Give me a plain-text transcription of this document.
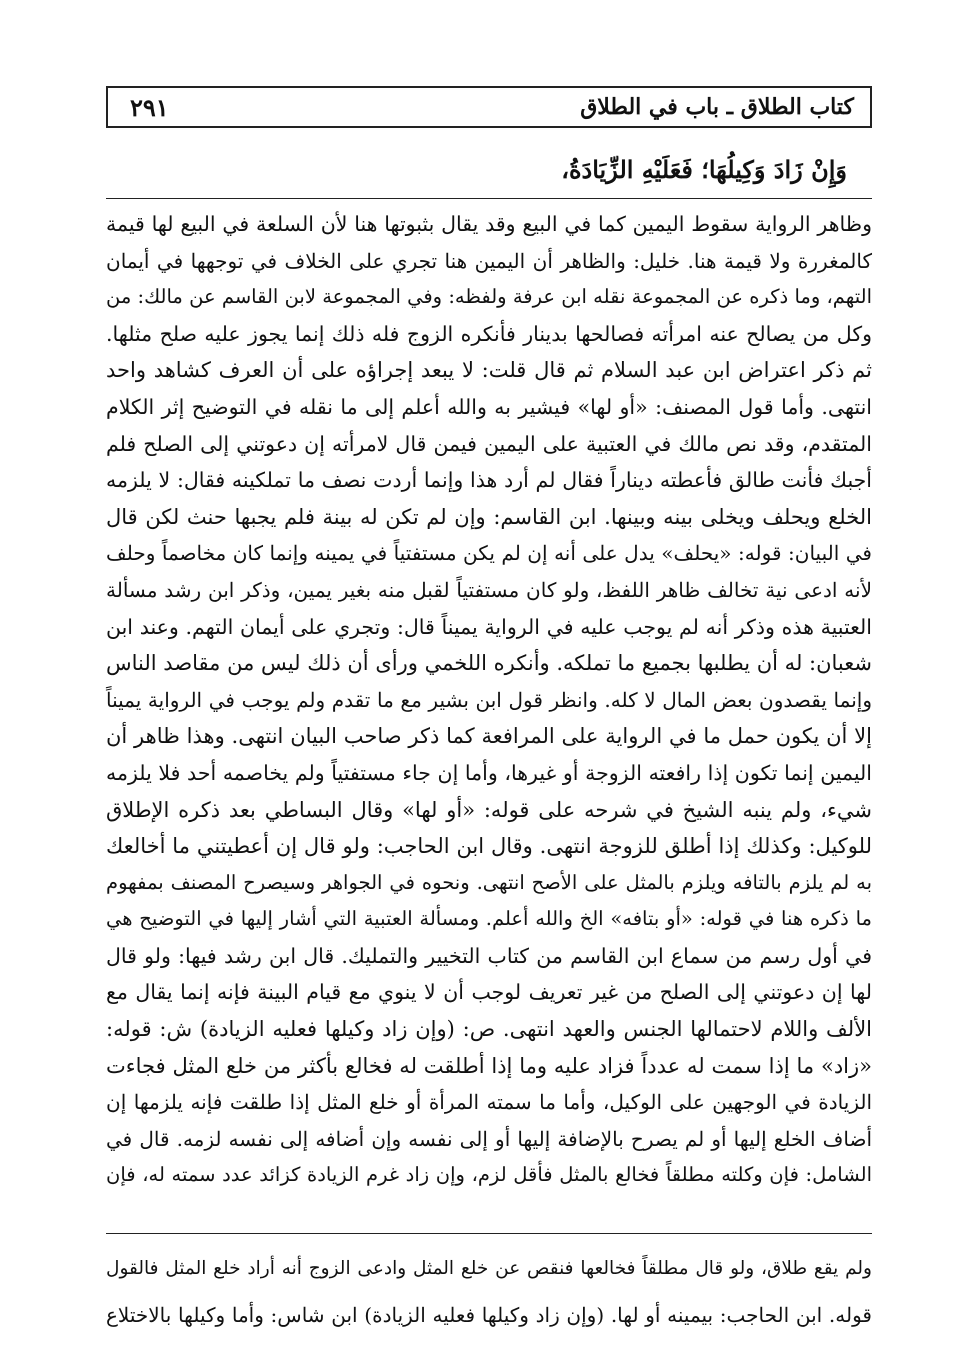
كتاب الطلاق ـ باب في الطلاق
٢٩١
وَإِنْ زَادَ وَكِيلُهَا؛ فَعَلَيْهِ الزِّيَادَةُ،
وظاهر الرواية سقوط اليمين كما في البيع وقد يقال بثبوتها هنا لأن السلعة في البيع لها قيمة
كالمغررة ولا قيمة هنا. خليل: والظاهر أن اليمين هنا تجري على الخلاف في توجهها في أيمان
التهم، وما ذكره عن المجموعة نقله ابن عرفة ولفظه: وفي المجموعة لابن القاسم عن مالك: من
وكل من يصالح عنه امرأته فصالحها بدينار فأنكره الزوج فله ذلك إنما يجوز عليه صلح مثلها.
ثم ذكر اعتراض ابن عبد السلام ثم قال قلت: لا يبعد إجراؤه على أن العرف كشاهد واحد
انتهى. وأما قول المصنف: «أو لها» فيشير به والله أعلم إلى ما نقله في التوضيح إثر الكلام
المتقدم، وقد نص مالك في العتبية على اليمين فيمن قال لامرأته إن دعوتني إلى الصلح فلم
أجبك فأنت طالق فأعطته ديناراً فقال لم أرد هذا وإنما أردت نصف ما تملكينه فقال: لا يلزمه
الخلع ويحلف ويخلى بينه وبينها. ابن القاسم: وإن لم تكن له بينة فلم يجبها حنث لكن قال
في البيان: قوله: «يحلف» يدل على أنه إن لم يكن مستفتياً في يمينه وإنما كان مخاصماً وحلف
لأنه ادعى نية تخالف ظاهر اللفظ، ولو كان مستفتياً لقبل منه بغير يمين، وذكر ابن رشد مسألة
العتبية هذه وذكر أنه لم يوجب عليه في الرواية يميناً قال: وتجري على أيمان التهم. وعند ابن
شعبان: له أن يطلبها بجميع ما تملكه. وأنكره اللخمي ورأى أن ذلك ليس من مقاصد الناس
وإنما يقصدون بعض المال لا كله. وانظر قول ابن بشير مع ما تقدم ولم يوجب في الرواية يميناً
إلا أن يكون حمل ما في الرواية على المرافعة كما ذكر صاحب البيان انتهى. وهذا ظاهر أن
اليمين إنما تكون إذا رافعته الزوجة أو غيرها، وأما إن جاء مستفتياً ولم يخاصمه أحد فلا يلزمه
شيء، ولم ينبه الشيخ في شرحه على قوله: «أو لها» وقال البساطي بعد ذكره الإطلاق
للوكيل: وكذلك إذا أطلق للزوجة انتهى. وقال ابن الحاجب: ولو قال إن أعطيتني ما أخالعك
به لم يلزم بالتافه ويلزم بالمثل على الأصح انتهى. ونحوه في الجواهر وسيصرح المصنف بمفهوم
ما ذكره هنا في قوله: «أو بتافه» الخ والله أعلم. ومسألة العتبية التي أشار إليها في التوضيح هي
في أول رسم من سماع ابن القاسم من كتاب التخيير والتمليك. قال ابن رشد فيها: ولو قال
لها إن دعوتني إلى الصلح من غير تعريف لوجب أن لا ينوي مع قيام البينة فإنه إنما يقال مع
الألف واللام لاحتمالها الجنس والعهد انتهى. ص: (وإن زاد وكيلها فعليه الزيادة) ش: قوله:
«زاد» ما إذا سمت له عدداً فزاد عليه وما إذا أطلقت له فخالع بأكثر من خلع المثل فجاءت
الزيادة في الوجهين على الوكيل، وأما ما سمته المرأة أو خلع المثل إذا طلقت فإنه يلزمها إن
أضاف الخلع إليها أو لم يصرح بالإضافة إليها أو إلى نفسه وإن أضافه إلى نفسه لزمه. قال في
الشامل: فإن وكلته مطلقاً فخالع بالمثل فأقل لزم، وإن زاد غرم الزيادة كزائد عدد سمته له، فإن
ولم يقع طلاق، ولو قال مطلقاً فخالعها فنقص عن خلع المثل وادعى الزوج أنه أراد خلع المثل فالقول
قوله. ابن الحاجب: بيمينه أو لها. (وإن زاد وكيلها فعليه الزيادة) ابن شاس: وأما وكيلها بالاختلاع
